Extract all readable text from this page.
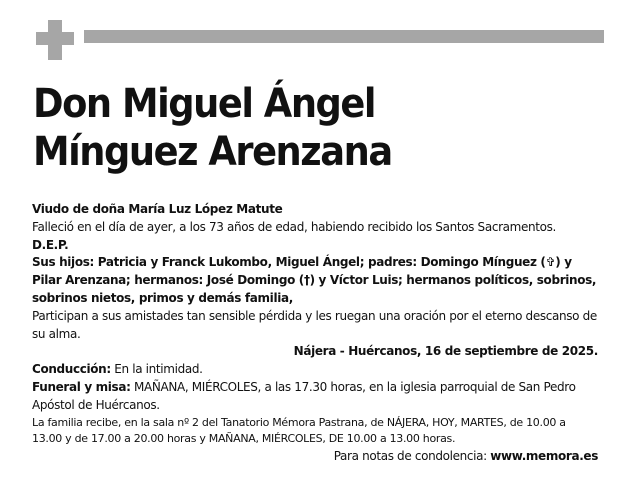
Don Miguel Ángel
Mínguez Arenzana

Viudo de doña María Luz López Matute

Falleció en el día de ayer, a los 73 años de edad, habiendo recibido los Santos Sacramentos.

D.E.P.

Sus hijos: Patricia y Franck Lukombo, Miguel Ángel; padres: Domingo Mínguez (✞) y Pilar Arenzana; hermanos: José Domingo (†) y Víctor Luis; hermanos políticos, sobrinos, sobrinos nietos, primos y demás familia,

Participan a sus amistades tan sensible pérdida y les ruegan una oración por el eterno descanso de su alma.

Nájera - Huércanos, 16 de septiembre de 2025.

Conducción: En la intimidad.

Funeral y misa: MAÑANA, MIÉRCOLES, a las 17.30 horas, en la iglesia parroquial de San Pedro Apóstol de Huércanos.

La familia recibe, en la sala nº 2 del Tanatorio Mémora Pastrana, de NÁJERA, HOY, MARTES, de 10.00 a 13.00 y de 17.00 a 20.00 horas y MAÑANA, MIÉRCOLES, DE 10.00 a 13.00 horas.

Para notas de condolencia: www.memora.es
